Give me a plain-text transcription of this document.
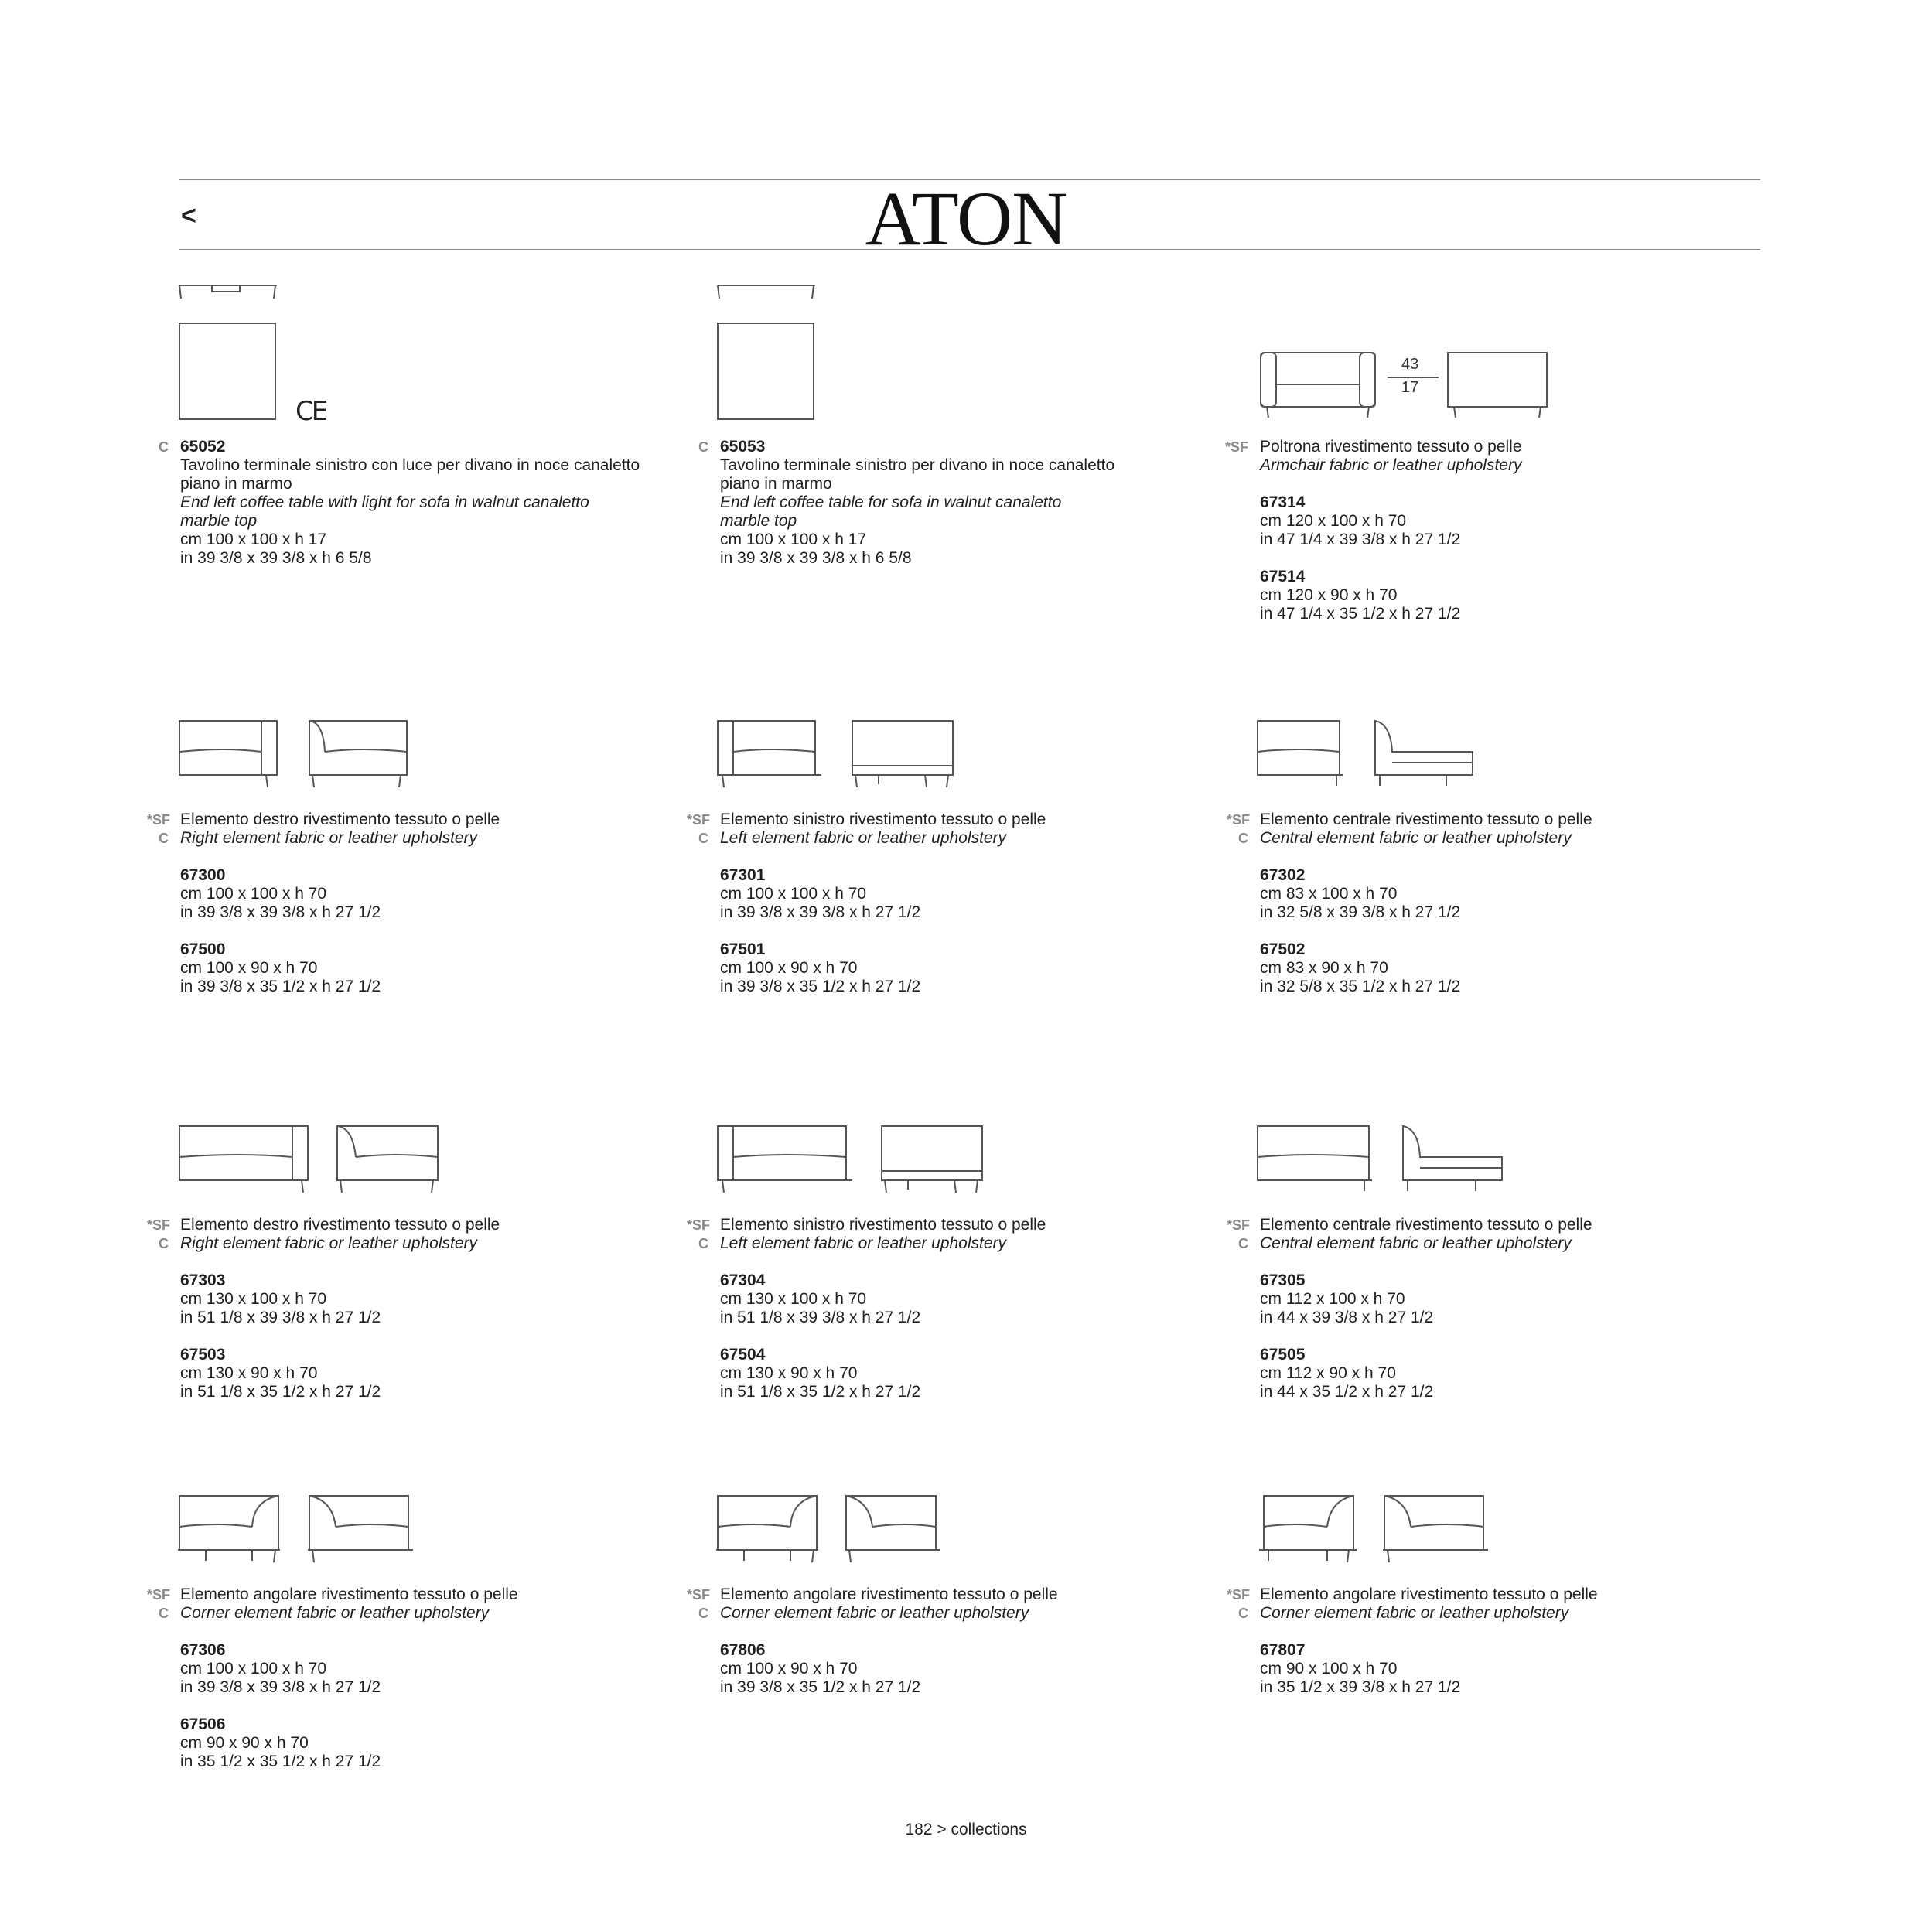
<	ATON
CE
43
17
C 65052
Tavolino terminale sinistro con luce per divano in noce canaletto
piano in marmo
End left coffee table with light for sofa in walnut canaletto
marble top
cm 100 x 100 x h 17
in 39 3/8 x 39 3/8 x h 6 5/8
C 65053
Tavolino terminale sinistro per divano in noce canaletto
piano in marmo
End left coffee table for sofa in walnut canaletto
marble top
cm 100 x 100 x h 17
in 39 3/8 x 39 3/8 x h 6 5/8
*SF Poltrona rivestimento tessuto o pelle
Armchair fabric or leather upholstery
67314
cm 120 x 100 x h 70
in 47 1/4 x 39 3/8 x h 27 1/2
67514
cm 120 x 90 x h 70
in 47 1/4 x 35 1/2 x h 27 1/2
*SF
C
Elemento destro rivestimento tessuto o pelle
Right element fabric or leather upholstery
67300
cm 100 x 100 x h 70
in 39 3/8 x 39 3/8 x h 27 1/2
67500
cm 100 x 90 x h 70
in 39 3/8 x 35 1/2 x h 27 1/2
*SF
C
Elemento sinistro rivestimento tessuto o pelle
Left element fabric or leather upholstery
67301
cm 100 x 100 x h 70
in 39 3/8 x 39 3/8 x h 27 1/2
67501
cm 100 x 90 x h 70
in 39 3/8 x 35 1/2 x h 27 1/2
*SF
C
Elemento centrale rivestimento tessuto o pelle
Central element fabric or leather upholstery
67302
cm 83 x 100 x h 70
in 32 5/8 x 39 3/8 x h 27 1/2
67502
cm 83 x 90 x h 70
in 32 5/8 x 35 1/2 x h 27 1/2
*SF
C
Elemento destro rivestimento tessuto o pelle
Right element fabric or leather upholstery
67303
cm 130 x 100 x h 70
in 51 1/8 x 39 3/8 x h 27 1/2
67503
cm 130 x 90 x h 70
in 51 1/8 x 35 1/2 x h 27 1/2
*SF
C
Elemento sinistro rivestimento tessuto o pelle
Left element fabric or leather upholstery
67304
cm 130 x 100 x h 70
in 51 1/8 x 39 3/8 x h 27 1/2
67504
cm 130 x 90 x h 70
in 51 1/8 x 35 1/2 x h 27 1/2
*SF
C
Elemento centrale rivestimento tessuto o pelle
Central element fabric or leather upholstery
67305
cm 112 x 100 x h 70
in 44 x 39 3/8 x h 27 1/2
67505
cm 112 x 90 x h 70
in 44 x 35 1/2 x h 27 1/2
*SF
C
Elemento angolare rivestimento tessuto o pelle
Corner element fabric or leather upholstery
67306
cm 100 x 100 x h 70
in 39 3/8 x 39 3/8 x h 27 1/2
67506
cm 90 x 90 x h 70
in 35 1/2 x 35 1/2 x h 27 1/2
*SF
C
Elemento angolare rivestimento tessuto o pelle
Corner element fabric or leather upholstery
67806
cm 100 x 90 x h 70
in 39 3/8 x 35 1/2 x h 27 1/2
*SF
C
Elemento angolare rivestimento tessuto o pelle
Corner element fabric or leather upholstery
67807
cm 90 x 100 x h 70
in 35 1/2 x 39 3/8 x h 27 1/2
182 > collections
